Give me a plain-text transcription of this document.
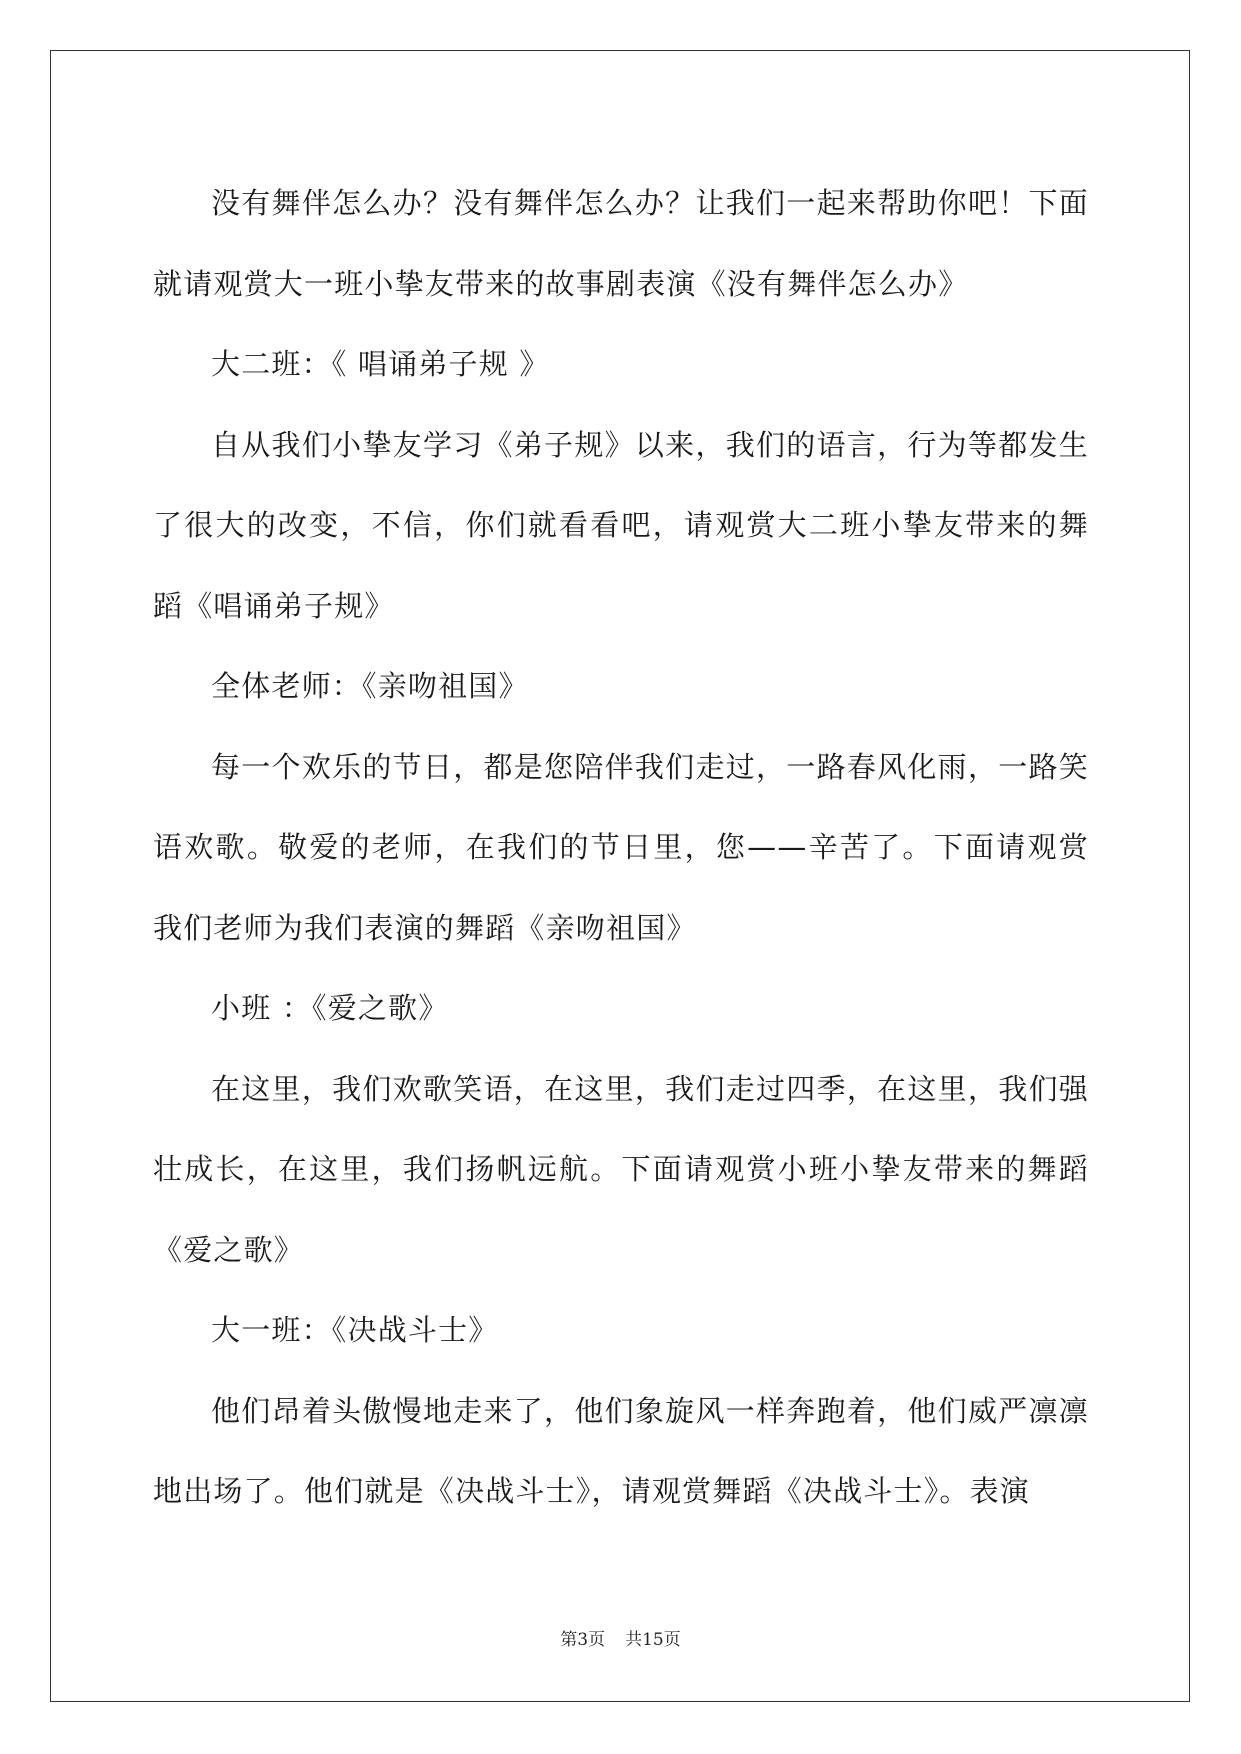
没有舞伴怎么办？没有舞伴怎么办？让我们一起来帮助你吧！下面就请观赏大一班小挚友带来的故事剧表演《没有舞伴怎么办》

大二班：《 唱诵弟子规 》

自从我们小挚友学习《弟子规》以来，我们的语言，行为等都发生了很大的改变，不信，你们就看看吧，请观赏大二班小挚友带来的舞蹈《唱诵弟子规》

全体老师：《亲吻祖国》

每一个欢乐的节日，都是您陪伴我们走过，一路春风化雨，一路笑语欢歌。敬爱的老师，在我们的节日里，您——辛苦了。下面请观赏我们老师为我们表演的舞蹈《亲吻祖国》

小班 ：《爱之歌》

在这里，我们欢歌笑语，在这里，我们走过四季，在这里，我们强壮成长，在这里，我们扬帆远航。下面请观赏小班小挚友带来的舞蹈《爱之歌》

大一班：《决战斗士》

他们昂着头傲慢地走来了，他们象旋风一样奔跑着，他们威严凛凛地出场了。他们就是《决战斗士》，请观赏舞蹈《决战斗士》。表演

第3页 共15页
